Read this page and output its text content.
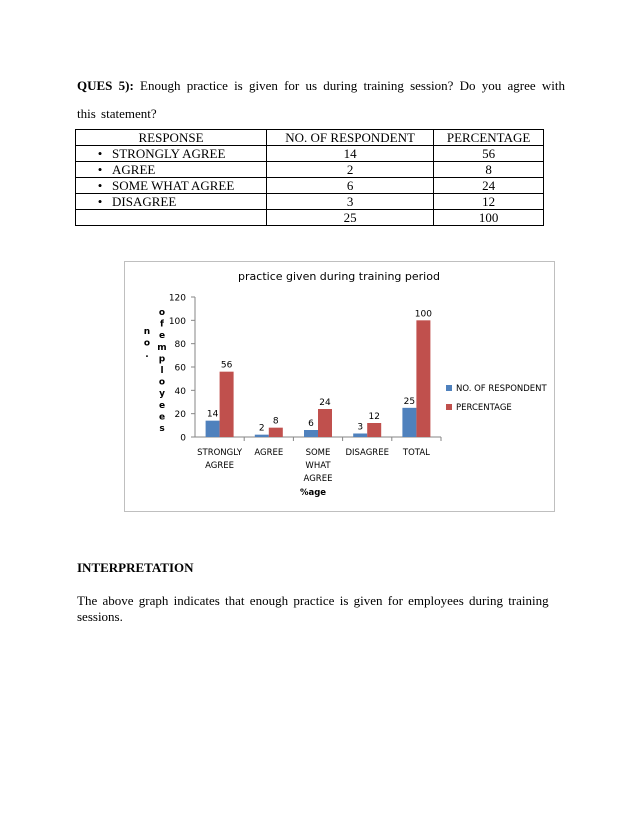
QUES 5): Enough practice is given for us during training session? Do you agree with this statement?
RESPONSE	NO. OF RESPONDENT	PERCENTAGE
• STRONGLY AGREE	14	56
• AGREE	2	8
• SOME WHAT AGREE	6	24
• DISAGREE	3	12
	25	100
practice given during training period
0
20
40
60
80
100
120
n
o
.
o
f
e
m
p
l
o
y
e
e
s
14
56
STRONGLY
AGREE
2
8
AGREE
6
24
SOME
WHAT
AGREE
3
12
DISAGREE
25
100
TOTAL
%age
NO. OF RESPONDENT
PERCENTAGE
INTERPRETATION
The above graph indicates that enough practice is given for employees during training sessions.
